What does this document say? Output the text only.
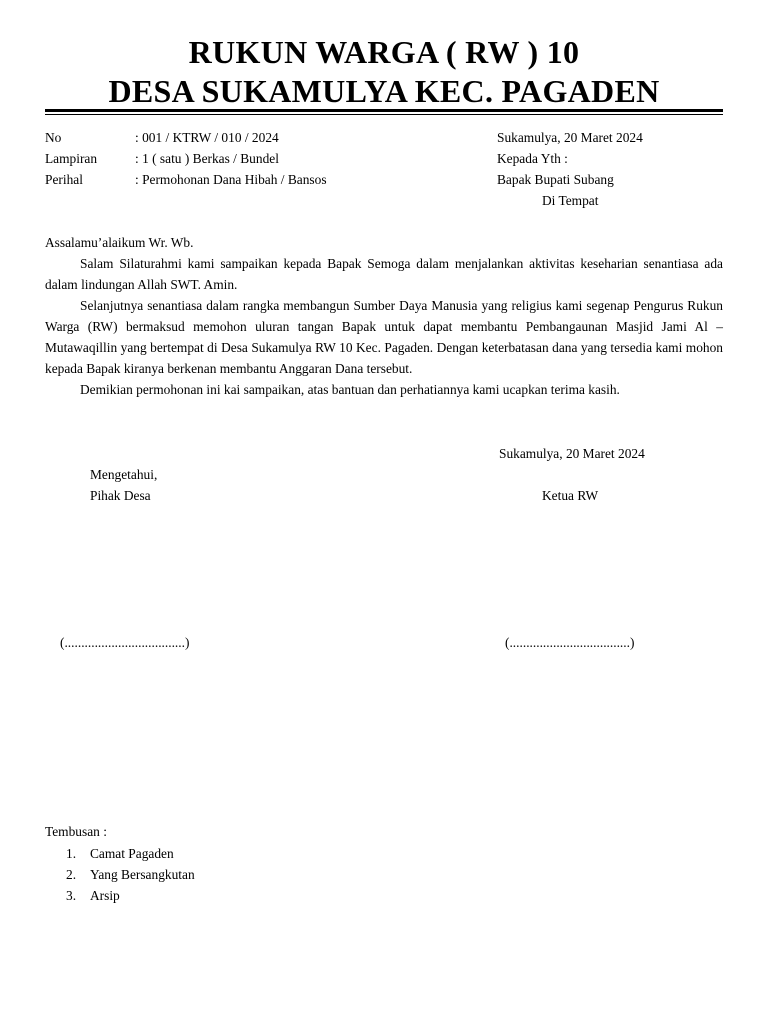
RUKUN WARGA ( RW ) 10
DESA SUKAMULYA KEC. PAGADEN
No	: 001 / KTRW / 010 / 2024
Lampiran	: 1 ( satu ) Berkas / Bundel
Perihal	: Permohonan Dana Hibah / Bansos
Sukamulya, 20 Maret 2024
Kepada Yth :
Bapak Bupati Subang
Di Tempat
Assalamu’alaikum Wr. Wb.

Salam Silaturahmi kami sampaikan kepada Bapak Semoga dalam menjalankan aktivitas keseharian senantiasa ada dalam lindungan Allah SWT. Amin.

Selanjutnya senantiasa dalam rangka membangun Sumber Daya Manusia yang religius kami segenap Pengurus Rukun Warga (RW) bermaksud memohon uluran tangan Bapak untuk dapat membantu Pembangaunan Masjid Jami Al – Mutawaqillin yang bertempat di Desa Sukamulya RW 10 Kec. Pagaden. Dengan keterbatasan dana yang tersedia kami mohon kepada Bapak kiranya berkenan membantu Anggaran Dana tersebut.

Demikian permohonan ini kai sampaikan, atas bantuan dan perhatiannya kami ucapkan terima kasih.

Sukamulya, 20 Maret 2024
Mengetahui,
Pihak Desa	Ketua RW
(....................................)	(....................................)
Tembusan :
1. Camat Pagaden
2. Yang Bersangkutan
3. Arsip
